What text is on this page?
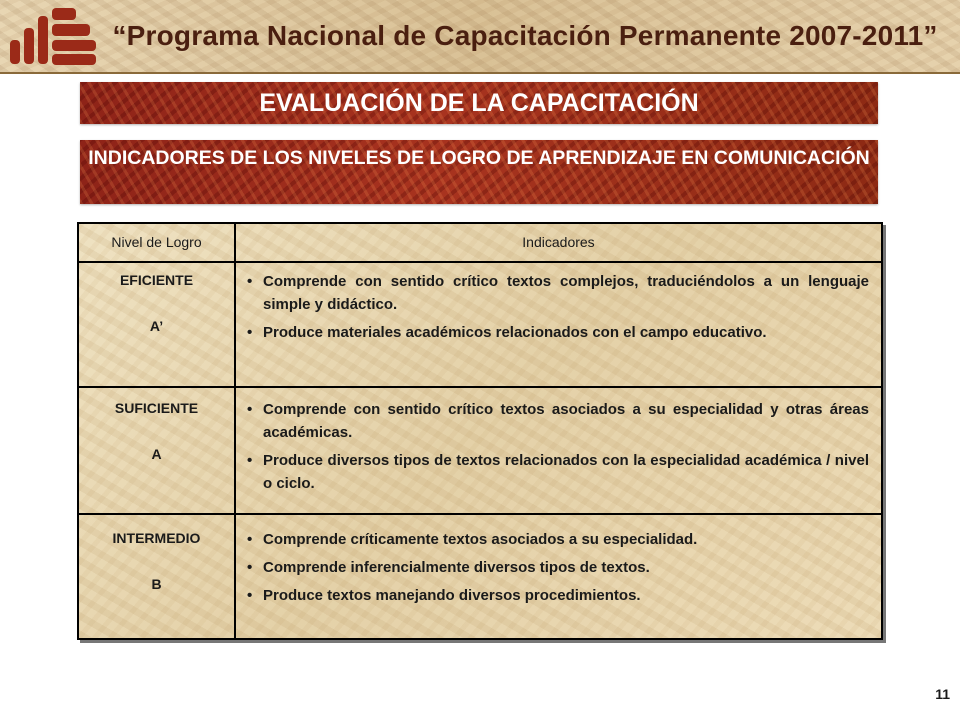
“Programa Nacional de Capacitación Permanente 2007-2011”
EVALUACIÓN DE LA CAPACITACIÓN
INDICADORES DE LOS NIVELES DE LOGRO DE APRENDIZAJE EN COMUNICACIÓN
Nivel de Logro	Indicadores
EFICIENTE
A’
• Comprende con sentido crítico textos complejos, traduciéndolos a un lenguaje simple y didáctico.
• Produce materiales académicos relacionados con el campo educativo.
SUFICIENTE
A
• Comprende con sentido crítico textos asociados a su especialidad y otras áreas académicas.
• Produce diversos tipos de textos relacionados con la especialidad académica / nivel o ciclo.
INTERMEDIO
B
• Comprende críticamente textos asociados a su especialidad.
• Comprende inferencialmente diversos tipos de textos.
• Produce textos manejando diversos procedimientos.
11
